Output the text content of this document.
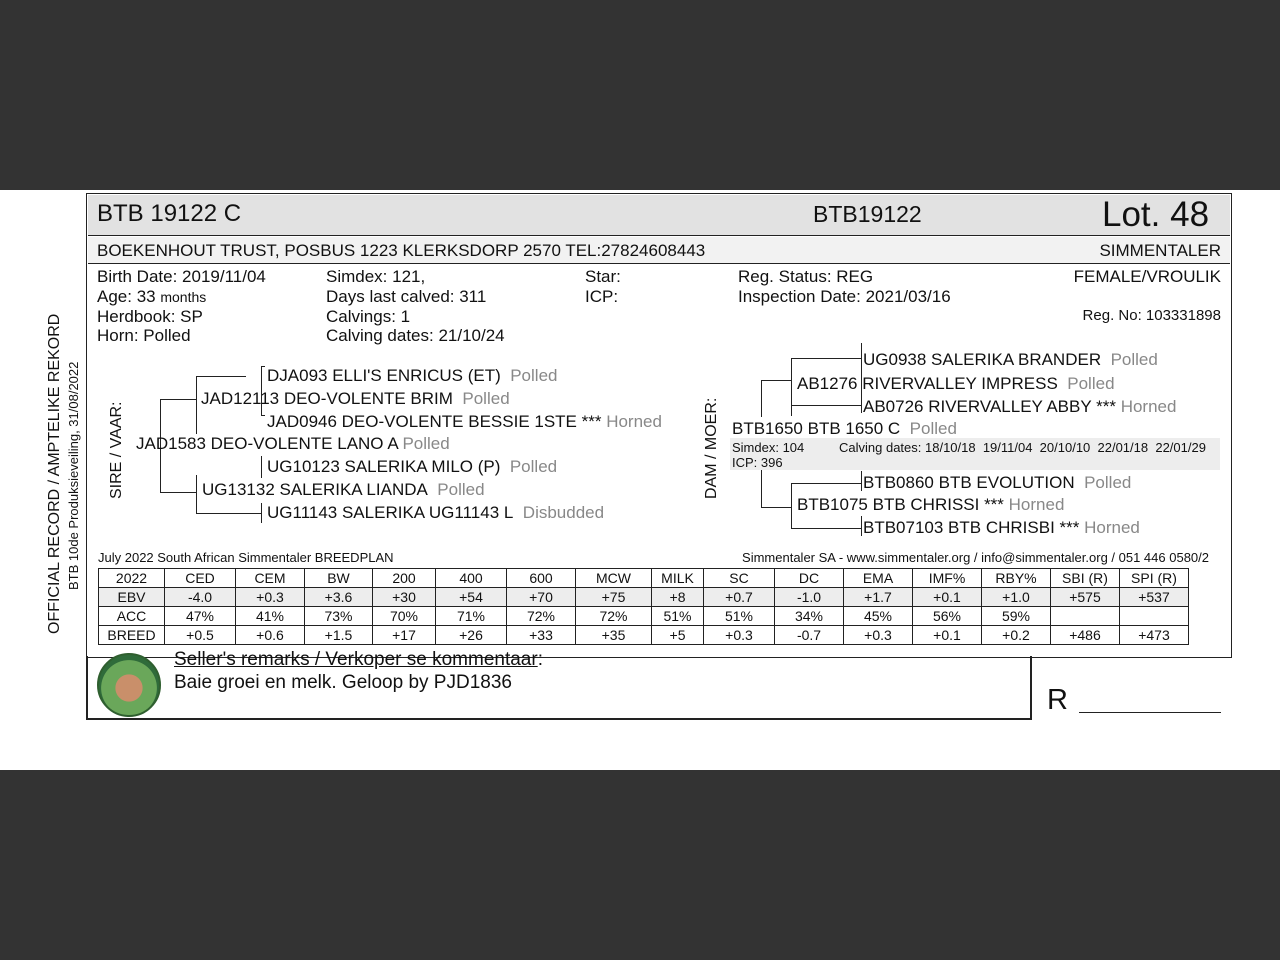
OFFICIAL RECORD / AMPTELIKE REKORD BTB 10de Produksieveiling, 31/08/2022
BTB 19122 C	BTB19122	Lot. 48
BOEKENHOUT TRUST, POSBUS 1223 KLERKSDORP 2570 TEL:27824608443	SIMMENTALER
Birth Date: 2019/11/04
Age: 33 months
Herdbook: SP
Horn: Polled
Simdex: 121,
Days last calved: 311
Calvings: 1
Calving dates: 21/10/24
Star:
ICP:
Reg. Status: REG
Inspection Date: 2021/03/16
FEMALE/VROULIK
Reg. No: 103331898
SIRE / VAAR:
DJA093 ELLI'S ENRICUS (ET) Polled
JAD12113 DEO-VOLENTE BRIM Polled
JAD0946 DEO-VOLENTE BESSIE 1STE *** Horned
JAD1583 DEO-VOLENTE LANO A Polled
UG10123 SALERIKA MILO (P) Polled
UG13132 SALERIKA LIANDA Polled
UG11143 SALERIKA UG11143 L Disbudded
DAM / MOER:
UG0938 SALERIKA BRANDER Polled
AB1276 RIVERVALLEY IMPRESS Polled
AB0726 RIVERVALLEY ABBY *** Horned
BTB1650 BTB 1650 C Polled
Simdex: 104	Calving dates: 18/10/18  19/11/04  20/10/10  22/01/18  22/01/29
ICP: 396
BTB0860 BTB EVOLUTION Polled
BTB1075 BTB CHRISSI *** Horned
BTB07103 BTB CHRISBI *** Horned
July 2022 South African Simmentaler BREEDPLAN	Simmentaler SA - www.simmentaler.org / info@simmentaler.org / 051 446 0580/2
2022	CED	CEM	BW	200	400	600	MCW	MILK	SC	DC	EMA	IMF%	RBY%	SBI (R)	SPI (R)
EBV	-4.0	+0.3	+3.6	+30	+54	+70	+75	+8	+0.7	-1.0	+1.7	+0.1	+1.0	+575	+537
ACC	47%	41%	73%	70%	71%	72%	72%	51%	51%	34%	45%	56%	59%		
BREED	+0.5	+0.6	+1.5	+17	+26	+33	+35	+5	+0.3	-0.7	+0.3	+0.1	+0.2	+486	+473
Seller's remarks / Verkoper se kommentaar:
Baie groei en melk. Geloop by PJD1836
R
